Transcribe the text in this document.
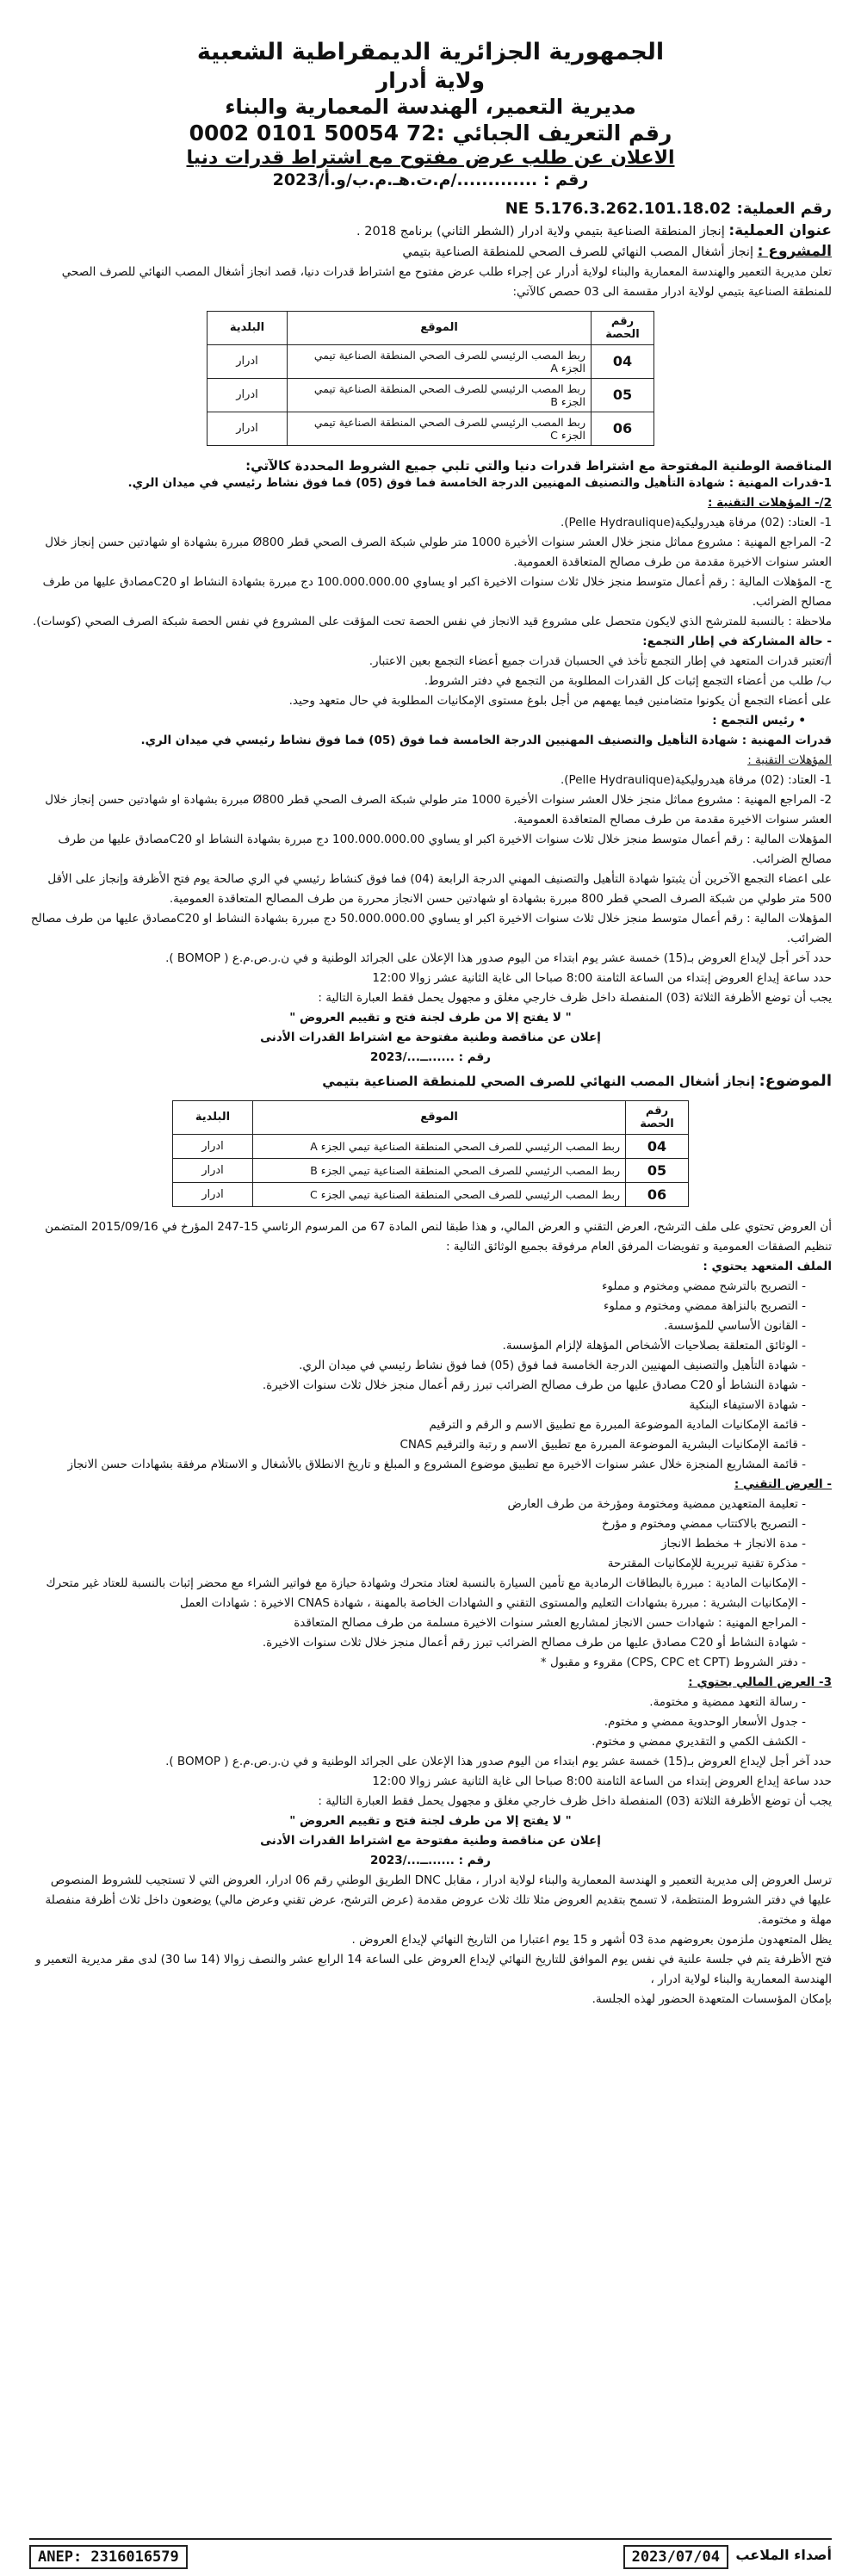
الجمهورية الجزائرية الديمقراطية الشعبية
ولاية أدرار
مديرية التعمير، الهندسة المعمارية والبناء
رقم التعريف الجبائي :72 50054 0101 0002
الاعلان عن طلب عرض مفتوح مع اشتراط قدرات دنيا
رقم : ............./م.ت.هـ.م.ب/و.أ/2023
رقم العملية: NE 5.176.3.262.101.18.02
عنوان العملية: إنجاز المنطقة الصناعية بتيمي ولاية ادرار (الشطر الثاني) برنامج 2018 .
المشروع : إنجاز أشغال المصب النهائي للصرف الصحي للمنطقة الصناعية بتيمي

تعلن مديرية التعمير والهندسة المعمارية والبناء لولاية أدرار عن إجراء طلب عرض مفتوح مع اشتراط قدرات دنيا، قصد انجاز أشغال المصب النهائي للصرف الصحي للمنطقة الصناعية بتيمي لولاية ادرار مقسمة الى 03 حصص كالآتي:

رقم الحصة	الموقع	البلدية
04	ربط المصب الرئيسي للصرف الصحي المنطقة الصناعية تيمي الجزء A	ادرار
05	ربط المصب الرئيسي للصرف الصحي المنطقة الصناعية تيمي الجزء B	ادرار
06	ربط المصب الرئيسي للصرف الصحي المنطقة الصناعية تيمي الجزء C	ادرار
المناقصة الوطنية المفتوحة مع اشتراط قدرات دنيا والتي تلبي جميع الشروط المحددة كالآتي:

1-قدرات المهنية : شهادة التأهيل والتصنيف المهنيين الدرجة الخامسة فما فوق (05) فما فوق نشاط رئيسي في ميدان الري.

2/- المؤهلات التقنية :

1- العتاد: (02) مرفاة هيدروليكية(Pelle Hydraulique).

2- المراجع المهنية : مشروع مماثل منجز خلال العشر سنوات الأخيرة 1000 متر طولي شبكة الصرف الصحي قطر Ø800 مبررة بشهادة او شهادتين حسن إنجاز خلال العشر سنوات الاخيرة مقدمة من طرف مصالح المتعاقدة العمومية.

ج- المؤهلات المالية : رقم أعمال متوسط منجز خلال ثلاث سنوات الاخيرة اكبر او يساوي 100.000.000.00 دج مبررة بشهادة النشاط او C20مصادق عليها من طرف مصالح الضرائب.

ملاحظة : بالنسبة للمترشح الذي لايكون متحصل على مشروع قيد الانجاز في نفس الحصة تحت المؤقت على المشروع في نفس الحصة شبكة الصرف الصحي (كوسات).

- حالة المشاركة في إطار التجمع:

أ/تعتبر قدرات المتعهد في إطار التجمع تأخذ في الحسبان قدرات جميع أعضاء التجمع بعين الاعتبار.

ب/ طلب من أعضاء التجمع إثبات كل القدرات المطلوبة من التجمع في دفتر الشروط.

على أعضاء التجمع أن يكونوا متضامنين فيما يهمهم من أجل بلوغ مستوى الإمكانيات المطلوبة في حال متعهد وحيد.

• رئيس التجمع :

قدرات المهنية : شهادة التأهيل والتصنيف المهنيين الدرجة الخامسة فما فوق (05) فما فوق نشاط رئيسي في ميدان الري.

المؤهلات التقنية :

1- العتاد: (02) مرفاة هيدروليكية(Pelle Hydraulique).

2- المراجع المهنية : مشروع مماثل منجز خلال العشر سنوات الأخيرة 1000 متر طولي شبكة الصرف الصحي قطر Ø800 مبررة بشهادة او شهادتين حسن إنجاز خلال العشر سنوات الاخيرة مقدمة من طرف مصالح المتعاقدة العمومية.

المؤهلات المالية : رقم أعمال متوسط منجز خلال ثلاث سنوات الاخيرة اكبر او يساوي 100.000.000.00 دج مبررة بشهادة النشاط او C20مصادق عليها من طرف مصالح الضرائب.

على اعضاء التجمع الآخرين أن يثبتوا شهادة التأهيل والتصنيف المهني الدرجة الرابعة (04) فما فوق كنشاط رئيسي في الري صالحة يوم فتح الأظرفة وإنجاز على الأقل 500 متر طولي من شبكة الصرف الصحي قطر 800 مبررة بشهادة او شهادتين حسن الانجاز محررة من طرف المصالح المتعاقدة العمومية.

المؤهلات المالية : رقم أعمال متوسط منجز خلال ثلاث سنوات الاخيرة اكبر او يساوي 50.000.000.00 دج مبررة بشهادة النشاط او C20مصادق عليها من طرف مصالح الضرائب.

حدد آخر أجل لإيداع العروض بـ(15) خمسة عشر يوم ابتداء من اليوم صدور هذا الإعلان على الجرائد الوطنية و في ن.ر.ص.م.ع ( BOMOP ).

حدد ساعة إيداع العروض إبتداء من الساعة الثامنة 8:00 صباحا الى غاية الثانية عشر زوالا 12:00

يجب أن توضع الأظرفة الثلاثة (03) المنفصلة داخل ظرف خارجي مغلق و مجهول يحمل فقط العبارة التالية :

" لا يفتح إلا من طرف لجنة فتح و تقييم العروض "

إعلان عن مناقصة وطنية مفتوحة مع اشتراط القدرات الأدنى

رقم : ......ــ.../2023

الموضوع: إنجاز أشغال المصب النهائي للصرف الصحي للمنطقة الصناعية بتيمي
رقم الحصة	الموقع	البلدية
04	ربط المصب الرئيسي للصرف الصحي المنطقة الصناعية تيمي الجزء A	ادرار
05	ربط المصب الرئيسي للصرف الصحي المنطقة الصناعية تيمي الجزء B	ادرار
06	ربط المصب الرئيسي للصرف الصحي المنطقة الصناعية تيمي الجزء C	ادرار

أن العروض تحتوي على ملف الترشح، العرض التقني و العرض المالي، و هذا طبقا لنص المادة 67 من المرسوم الرئاسي 15-247 المؤرخ في 2015/09/16 المتضمن تنظيم الصفقات العمومية و تفويضات المرفق العام مرفوقة بجميع الوثائق التالية :

الملف المتعهد يحتوي :

- التصريح بالترشح ممضي ومختوم و مملوء

- التصريح بالنزاهة ممضي ومختوم و مملوء

- القانون الأساسي للمؤسسة.

- الوثائق المتعلقة بصلاحيات الأشخاص المؤهلة لإلزام المؤسسة.

- شهادة التأهيل والتصنيف المهنيين الدرجة الخامسة فما فوق (05) فما فوق نشاط رئيسي في ميدان الري.

- شهادة النشاط أو C20 مصادق عليها من طرف مصالح الضرائب تبرز رقم أعمال منجز خلال ثلاث سنوات الاخيرة.

- شهادة الاستيفاء البنكية

- قائمة الإمكانيات المادية الموضوعة المبررة مع تطبيق الاسم و الرقم و الترقيم

- قائمة الإمكانيات البشرية الموضوعة المبررة مع تطبيق الاسم و رتبة والترقيم CNAS

- قائمة المشاريع المنجزة خلال عشر سنوات الاخيرة مع تطبيق موضوع المشروع و المبلغ و تاريخ الانطلاق بالأشغال و الاستلام مرفقة بشهادات حسن الانجاز

- العرض التقني :

- تعليمة المتعهدين ممضية ومختومة ومؤرخة من طرف العارض

- التصريح بالاكتتاب ممضي ومختوم و مؤرخ

- مدة الانجاز + مخطط الانجاز

- مذكرة تقنية تبريرية للإمكانيات المقترحة

- الإمكانيات المادية : مبررة بالبطاقات الرمادية مع تأمين السيارة بالنسبة لعتاد متحرك وشهادة حيازة مع فواتير الشراء مع محضر إثبات بالنسبة للعتاد غير متحرك

- الإمكانيات البشرية : مبررة بشهادات التعليم والمستوى التقني و الشهادات الخاصة بالمهنة ، شهادة CNAS الاخيرة : شهادات العمل

- المراجع المهنية : شهادات حسن الانجاز لمشاريع العشر سنوات الاخيرة مسلمة من طرف مصالح المتعاقدة

- شهادة النشاط أو C20 مصادق عليها من طرف مصالح الضرائب تبرز رقم أعمال منجز خلال ثلاث سنوات الاخيرة.

- دفتر الشروط (CPS, CPC et CPT) مقروء و مقبول *

3- العرض المالي يحتوي :

- رسالة التعهد ممضية و مختومة.

- جدول الأسعار الوحدوية ممضي و مختوم.

- الكشف الكمي و التقديري ممضي و مختوم.

حدد آخر أجل لإيداع العروض بـ(15) خمسة عشر يوم ابتداء من اليوم صدور هذا الإعلان على الجرائد الوطنية و في ن.ر.ص.م.ع ( BOMOP ).

حدد ساعة إيداع العروض إبتداء من الساعة الثامنة 8:00 صباحا الى غاية الثانية عشر زوالا 12:00

يجب أن توضع الأظرفة الثلاثة (03) المنفصلة داخل ظرف خارجي مغلق و مجهول يحمل فقط العبارة التالية :

" لا يفتح إلا من طرف لجنة فتح و تقييم العروض "

إعلان عن مناقصة وطنية مفتوحة مع اشتراط القدرات الأدنى

رقم : ......ــ.../2023

ترسل العروض إلى مديرية التعمير و الهندسة المعمارية والبناء لولاية ادرار ، مقابل DNC الطريق الوطني رقم 06 ادرار، العروض التي لا تستجيب للشروط المنصوص عليها في دفتر الشروط المنتظمة، لا تسمح بتقديم العروض مثلا تلك ثلاث عروض مقدمة (عرض الترشح، عرض تقني وعرض مالي) يوضعون داخل ثلاث أظرفة منفصلة مهلة و مختومة.

يظل المتعهدون ملزمون بعروضهم مدة 03 أشهر و 15 يوم اعتبارا من التاريخ النهائي لإيداع العروض .

فتح الأظرفة يتم في جلسة علنية في نفس يوم الموافق للتاريخ النهائي لإيداع العروض على الساعة 14 الرابع عشر والنصف زوالا (14 سا 30) لدى مقر مديرية التعمير و الهندسة المعمارية والبناء لولاية ادرار ،

بإمكان المؤسسات المتعهدة الحضور لهذه الجلسة.

ANEP: 2316016579	2023/07/04	أصداء الملاعب
